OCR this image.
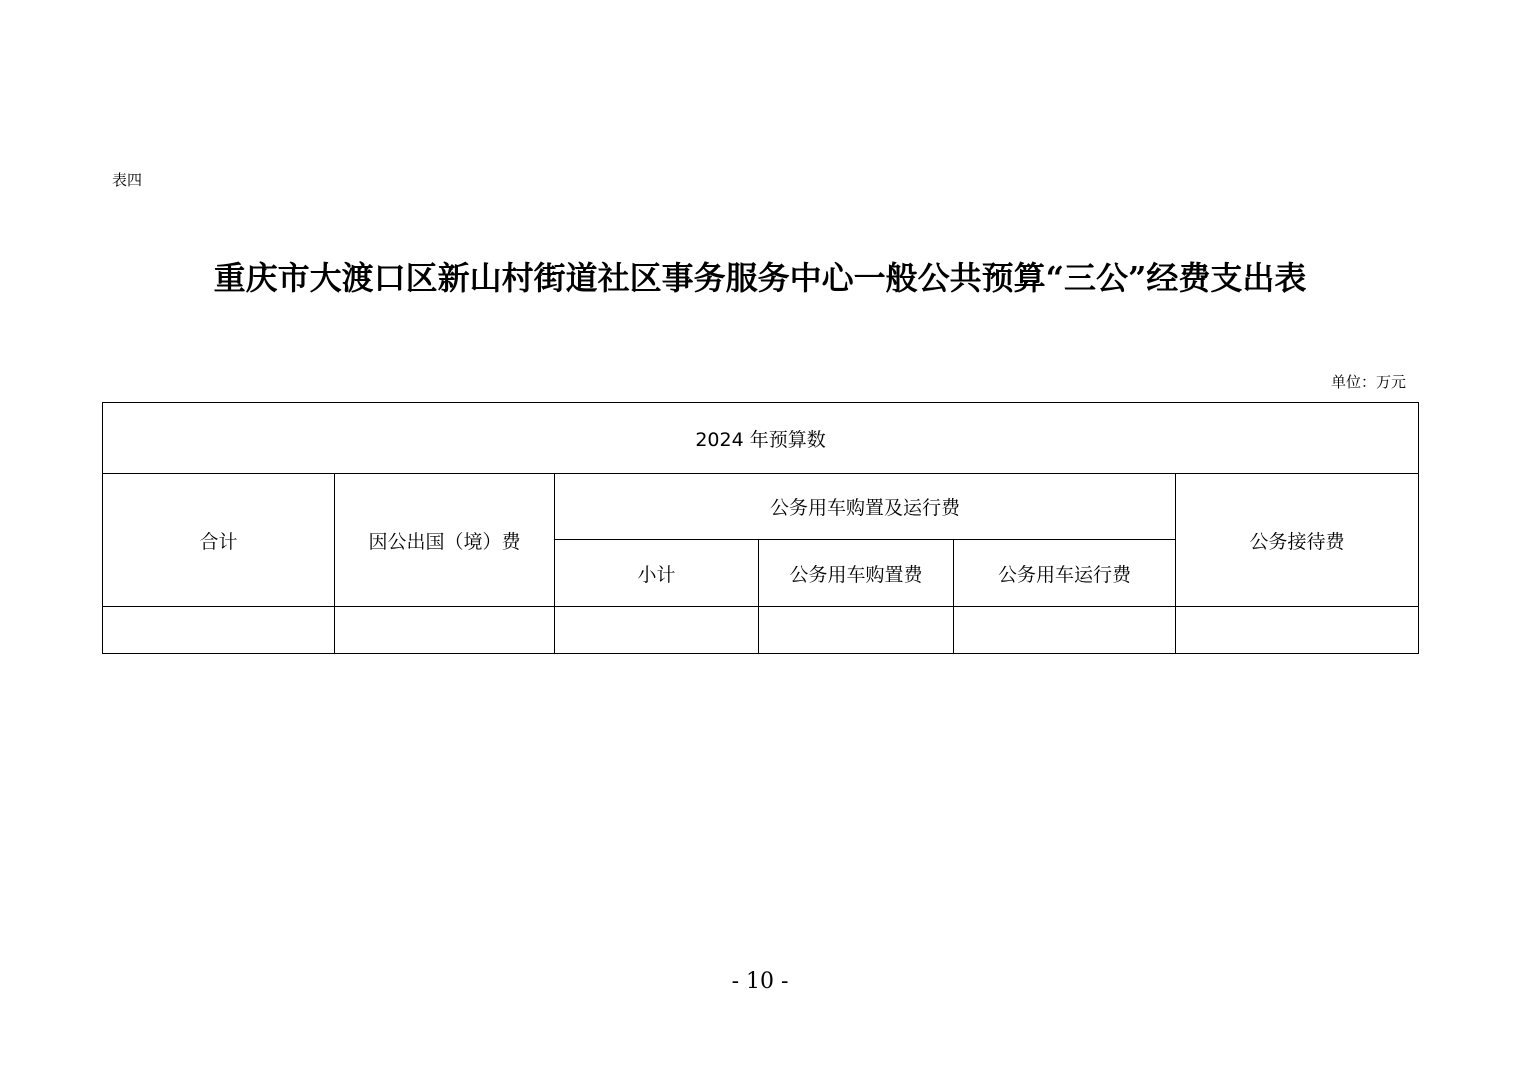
表四
重庆市大渡口区新山村街道社区事务服务中心一般公共预算“三公”经费支出表
单位：万元
2024 年预算数					
合计	因公出国（境）费	公务用车购置及运行费			公务接待费
		小计	公务用车购置费	公务用车运行费	

- 10 -
